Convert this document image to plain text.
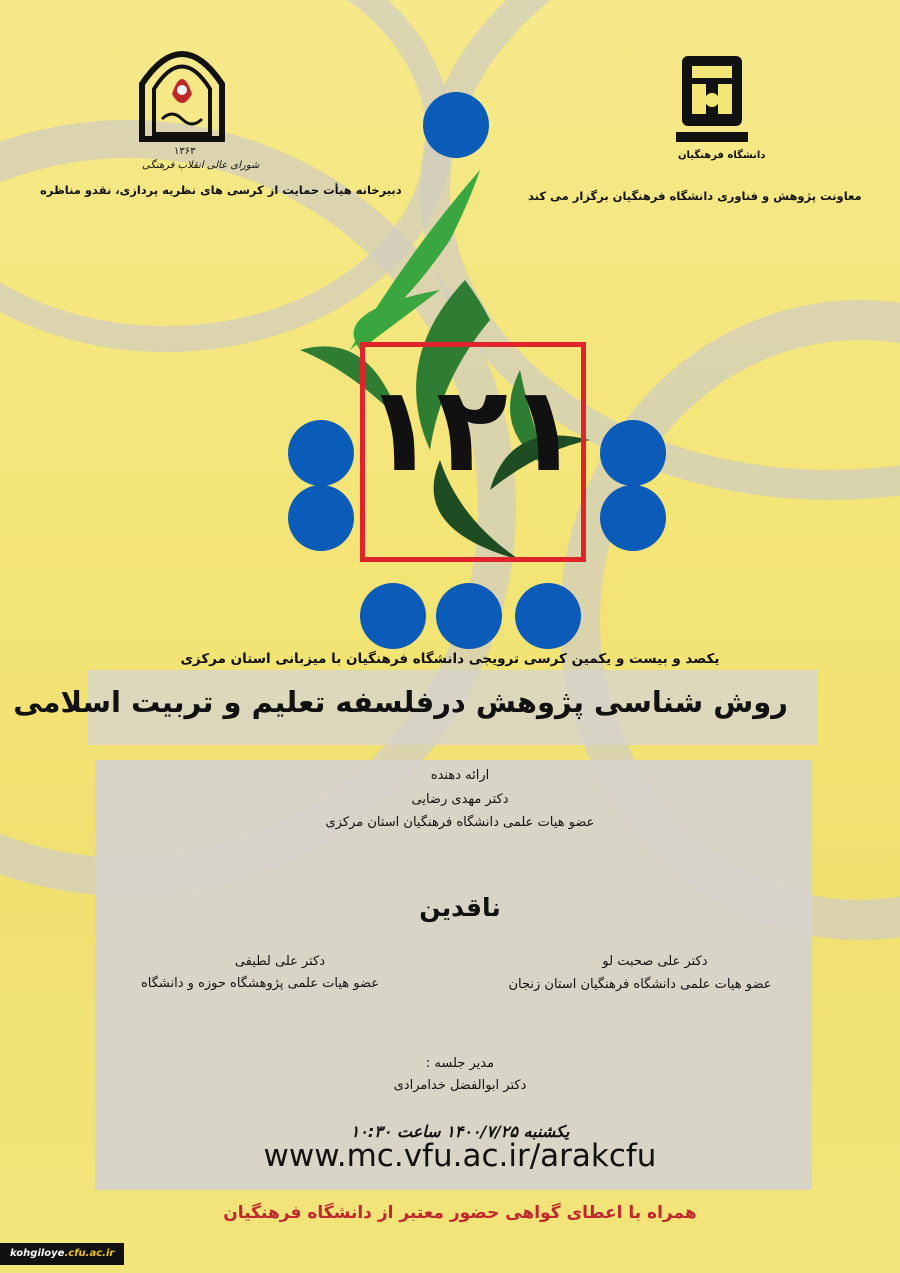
دانشگاه فرهنگیان
معاونت پژوهش و فناوری دانشگاه فرهنگیان برگزار می کند
۱۳۶۳
شورای عالی انقلاب فرهنگی
دبیرخانه هیأت حمایت از کرسی های نظریه پردازی، نقدو مناظره
۱۲۱
یکصد و بیست و یکمین کرسی ترویجی دانشگاه فرهنگیان با میزبانی استان مرکزی
روش شناسی پژوهش درفلسفه تعلیم و تربیت اسلامی
ارائه دهنده
دکتر مهدی رضایی
عضو هیات علمی دانشگاه فرهنگیان استان مرکزی
ناقدین
دکتر علی صحبت لو
عضو هیات علمی دانشگاه فرهنگیان استان زنجان
دکتر علی لطیفی
عضو هیات علمی پژوهشگاه حوزه و دانشگاه
مدیر جلسه :
دکتر ابوالفضل خدامرادی
یکشنبه ۱۴۰۰/۷/۲۵ ساعت ۱۰:۳۰
www.mc.vfu.ac.ir/arakcfu
همراه با اعطای گواهی حضور معتبر از دانشگاه فرهنگیان
kohgiloye.cfu.ac.ir
